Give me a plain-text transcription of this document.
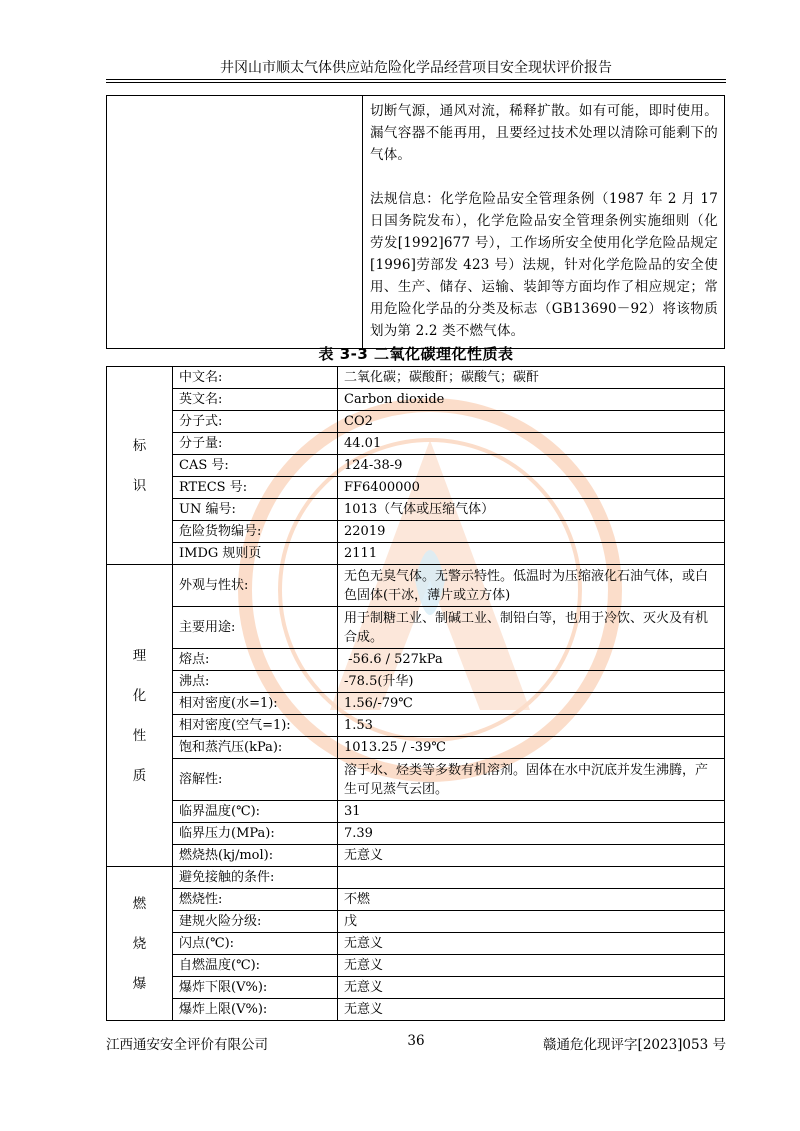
井冈山市顺太气体供应站危险化学品经营项目安全现状评价报告

切断气源，通风对流，稀释扩散。如有可能，即时使用。漏气容器不能再用，且要经过技术处理以清除可能剩下的气体。

法规信息：化学危险品安全管理条例（1987 年 2 月 17 日国务院发布），化学危险品安全管理条例实施细则（化劳发[1992]677 号），工作场所安全使用化学危险品规定[1996]劳部发 423 号）法规，针对化学危险品的安全使用、生产、储存、运输、装卸等方面均作了相应规定；常用危险化学品的分类及标志（GB13690－92）将该物质划为第 2.2 类不燃气体。

表 3-3 二氧化碳理化性质表
标
识	中文名:	二氧化碳；碳酸酐；碳酸气；碳酐
	英文名:	Carbon dioxide
	分子式:	CO2
	分子量:	44.01
	CAS 号:	124-38-9
	RTECS 号:	FF6400000
	UN 编号:	1013（气体或压缩气体）
	危险货物编号:	22019
	IMDG 规则页	2111

理
化
性
质	外观与性状:	无色无臭气体。无警示特性。低温时为压缩液化石油气体，或白色固体(干冰，薄片或立方体)
	主要用途:	用于制糖工业、制碱工业、制铅白等，也用于冷饮、灭火及有机合成。
	熔点:	-56.6 / 527kPa
	沸点:	-78.5(升华)
	相对密度(水=1):	1.56/-79℃
	相对密度(空气=1):	1.53
	饱和蒸汽压(kPa):	1013.25 / -39℃
	溶解性:	溶于水、烃类等多数有机溶剂。固体在水中沉底并发生沸腾，产生可见蒸气云团。
	临界温度(℃):	31
	临界压力(MPa):	7.39
	燃烧热(kj/mol):	无意义

燃
烧
爆	避免接触的条件:	
	燃烧性:	不燃
	建规火险分级:	戊
	闪点(℃):	无意义
	自燃温度(℃):	无意义
	爆炸下限(V%):	无意义
	爆炸上限(V%):	无意义
江西通安安全评价有限公司	36	赣通危化现评字[2023]053 号
